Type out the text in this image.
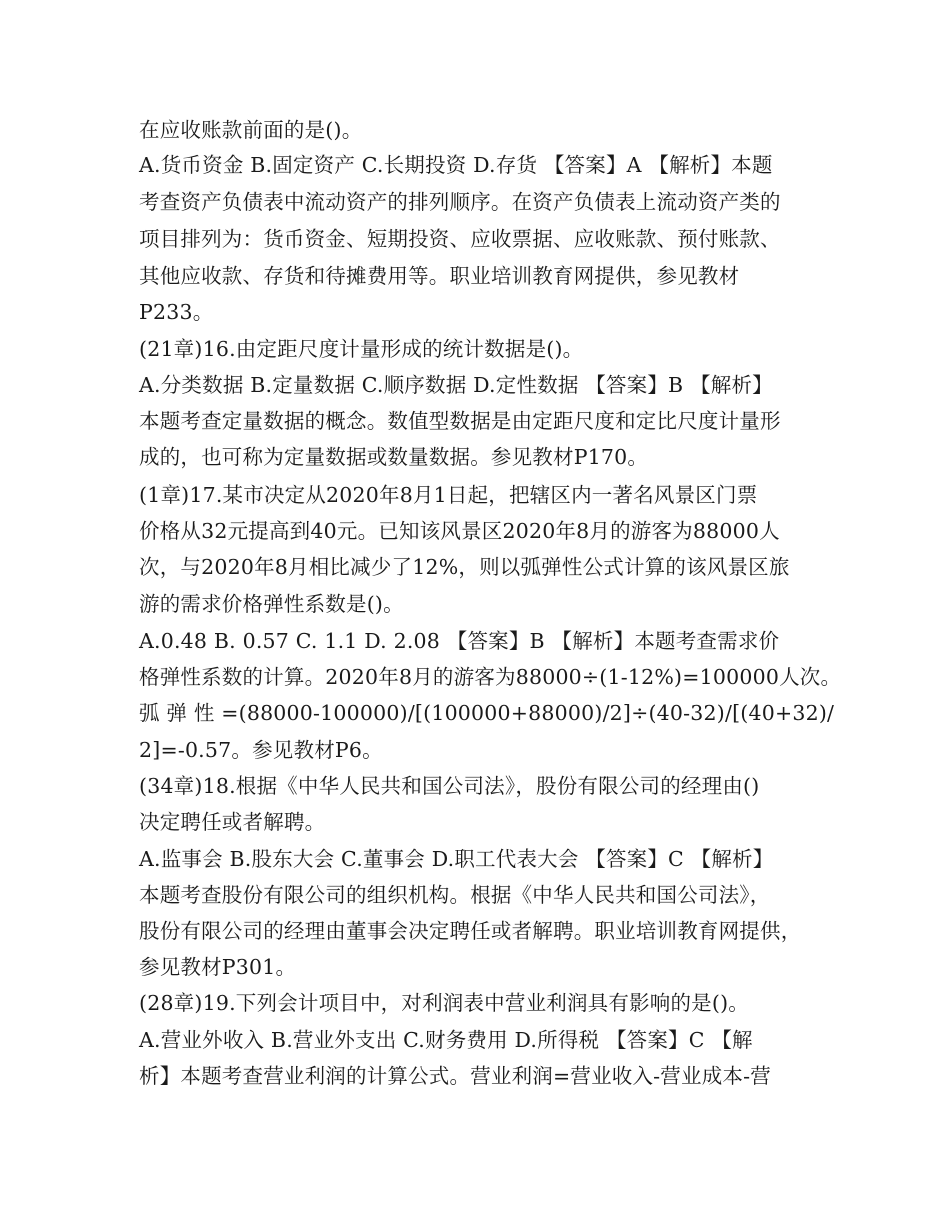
在应收账款前面的是()。
A.货币资金 B.固定资产 C.长期投资 D.存货 【答案】A 【解析】本题
考查资产负债表中流动资产的排列顺序。在资产负债表上流动资产类的
项目排列为：货币资金、短期投资、应收票据、应收账款、预付账款、
其他应收款、存货和待摊费用等。职业培训教育网提供，参见教材
P233。
(21章)16.由定距尺度计量形成的统计数据是()。
A.分类数据 B.定量数据 C.顺序数据 D.定性数据 【答案】B 【解析】
本题考查定量数据的概念。数值型数据是由定距尺度和定比尺度计量形
成的，也可称为定量数据或数量数据。参见教材P170。
(1章)17.某市决定从2020年8月1日起，把辖区内一著名风景区门票
价格从32元提高到40元。已知该风景区2020年8月的游客为88000人
次，与2020年8月相比减少了12%，则以弧弹性公式计算的该风景区旅
游的需求价格弹性系数是()。
A.0.48 B. 0.57 C. 1.1 D. 2.08 【答案】B 【解析】本题考查需求价
格弹性系数的计算。2020年8月的游客为88000÷(1-12%)=100000人次。
弧 弹 性 =(88000-100000)/[(100000+88000)/2]÷(40-32)/[(40+32)/
2]=-0.57。参见教材P6。
(34章)18.根据《中华人民共和国公司法》，股份有限公司的经理由()
决定聘任或者解聘。
A.监事会 B.股东大会 C.董事会 D.职工代表大会 【答案】C 【解析】
本题考查股份有限公司的组织机构。根据《中华人民共和国公司法》，
股份有限公司的经理由董事会决定聘任或者解聘。职业培训教育网提供，
参见教材P301。
(28章)19.下列会计项目中，对利润表中营业利润具有影响的是()。
A.营业外收入 B.营业外支出 C.财务费用 D.所得税 【答案】C 【解
析】本题考查营业利润的计算公式。营业利润=营业收入-营业成本-营
